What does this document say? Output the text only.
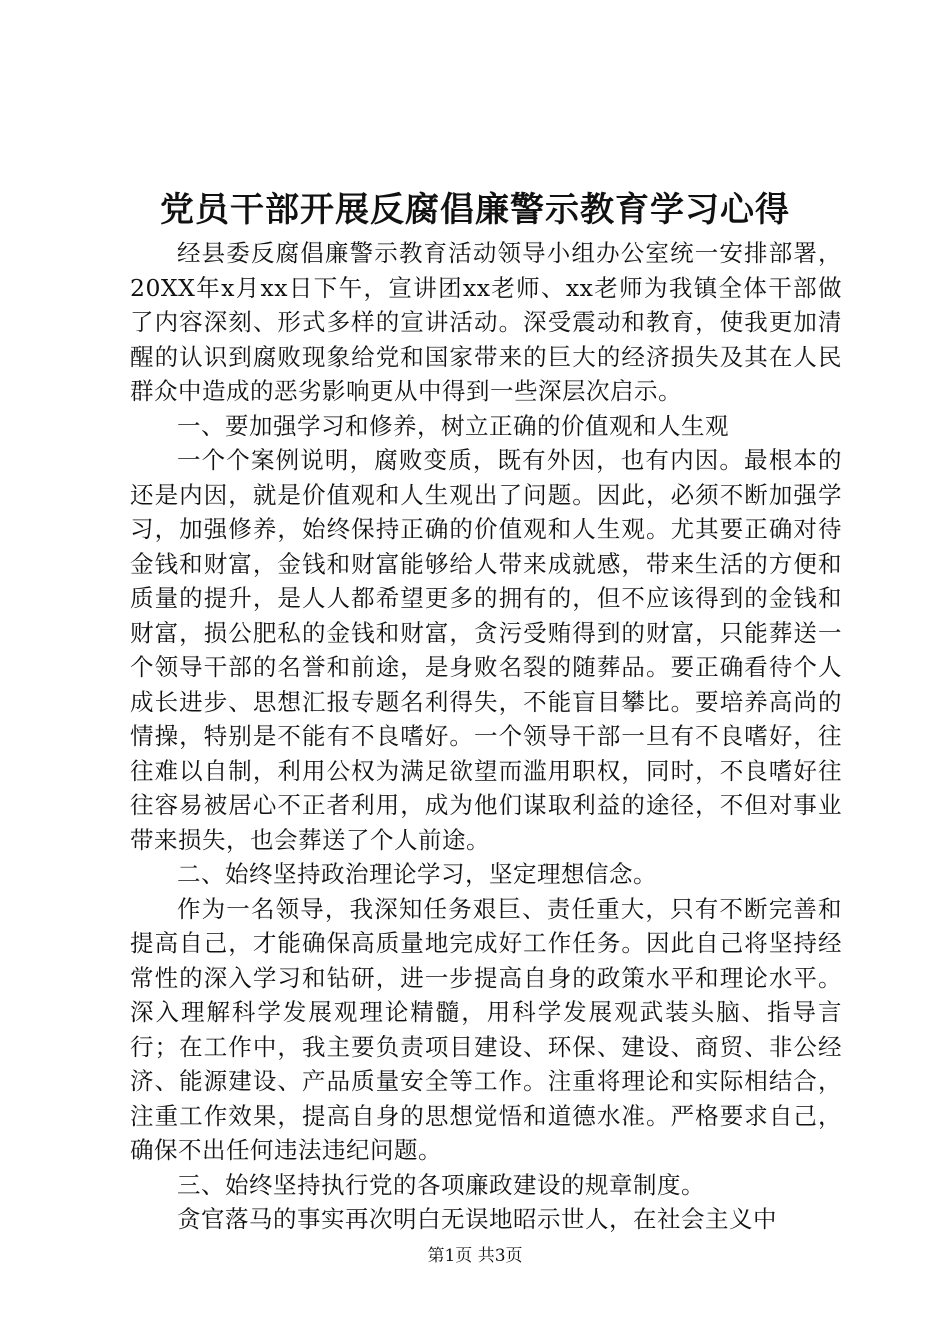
党员干部开展反腐倡廉警示教育学习心得

经县委反腐倡廉警示教育活动领导小组办公室统一安排部署，20XX年x月xx日下午，宣讲团xx老师、xx老师为我镇全体干部做了内容深刻、形式多样的宣讲活动。深受震动和教育，使我更加清醒的认识到腐败现象给党和国家带来的巨大的经济损失及其在人民群众中造成的恶劣影响更从中得到一些深层次启示。

一、要加强学习和修养，树立正确的价值观和人生观

一个个案例说明，腐败变质，既有外因，也有内因。最根本的还是内因，就是价值观和人生观出了问题。因此，必须不断加强学习，加强修养，始终保持正确的价值观和人生观。尤其要正确对待金钱和财富，金钱和财富能够给人带来成就感，带来生活的方便和质量的提升，是人人都希望更多的拥有的，但不应该得到的金钱和财富，损公肥私的金钱和财富，贪污受贿得到的财富，只能葬送一个领导干部的名誉和前途，是身败名裂的随葬品。要正确看待个人成长进步、思想汇报专题名利得失，不能盲目攀比。要培养高尚的情操，特别是不能有不良嗜好。一个领导干部一旦有不良嗜好，往往难以自制，利用公权为满足欲望而滥用职权，同时，不良嗜好往往容易被居心不正者利用，成为他们谋取利益的途径，不但对事业带来损失，也会葬送了个人前途。

二、始终坚持政治理论学习，坚定理想信念。

作为一名领导，我深知任务艰巨、责任重大，只有不断完善和提高自己，才能确保高质量地完成好工作任务。因此自己将坚持经常性的深入学习和钻研，进一步提高自身的政策水平和理论水平。深入理解科学发展观理论精髓，用科学发展观武装头脑、指导言行；在工作中，我主要负责项目建设、环保、建设、商贸、非公经济、能源建设、产品质量安全等工作。注重将理论和实际相结合，注重工作效果，提高自身的思想觉悟和道德水准。严格要求自己，确保不出任何违法违纪问题。

三、始终坚持执行党的各项廉政建设的规章制度。

贪官落马的事实再次明白无误地昭示世人，在社会主义中

第1页 共3页
